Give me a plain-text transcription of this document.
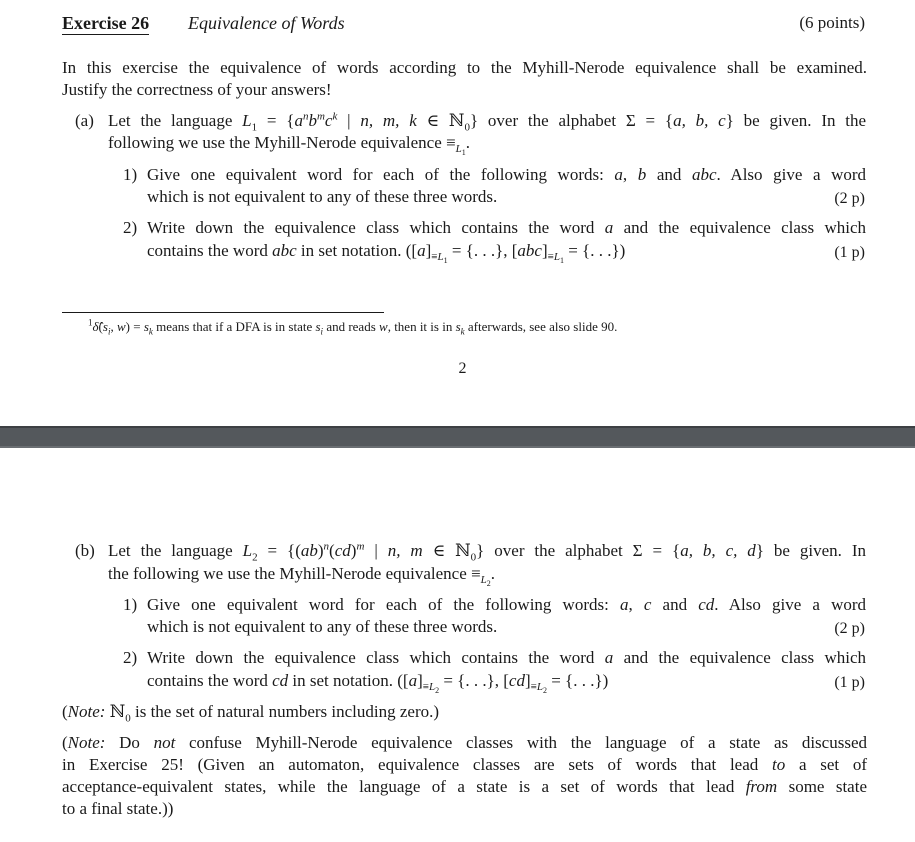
Exercise 26 Equivalence of Words	(6 points)
In this exercise the equivalence of words according to the Myhill-Nerode equivalence shall be examined.
Justify the correctness of your answers!
(a) Let the language $L_1 = \{a^nb^mc^k$ | n, m, k ∈ ℕ$_0$} over the alphabet Σ = {a, b, c} be given. In the
following we use the Myhill-Nerode equivalence $\equiv_{L_1}$.
1) Give one equivalent word for each of the following words: a, b and abc. Also give a word
which is not equivalent to any of these three words.	(2 p)
2) Write down the equivalence class which contains the word a and the equivalence class which
contains the word abc in set notation. ($[a]_{\equiv L_1}$ = {. . .}, $[abc]_{\equiv L_1}$ = {. . .})	(1 p)
$^1\deltâ(s_i$, $w) = s_k$ means that if a DFA is in state $s_i$ and reads w, then it is in $s_k$ afterwards, see also slide 90.
2
(b) Let the language $L_2 = \{(ab)^n(cd)^m$ | n, m ∈ ℕ$_0$} over the alphabet Σ = {a, b, c, d} be given. In
the following we use the Myhill-Nerode equivalence $\equiv_{L_2}$.
1) Give one equivalent word for each of the following words: a, c and cd. Also give a word
which is not equivalent to any of these three words.	(2 p)
2) Write down the equivalence class which contains the word a and the equivalence class which
contains the word cd in set notation. ($[a]_{\equiv L_2}$ = {. . .}, $[cd]_{\equiv L_2}$ = {. . .})	(1 p)
(Note: ℕ$_0$ is the set of natural numbers including zero.)
(Note: Do not confuse Myhill-Nerode equivalence classes with the language of a state as discussed
in Exercise 25! (Given an automaton, equivalence classes are sets of words that lead to a set of
acceptance-equivalent states, while the language of a state is a set of words that lead from some state
to a final state.))
